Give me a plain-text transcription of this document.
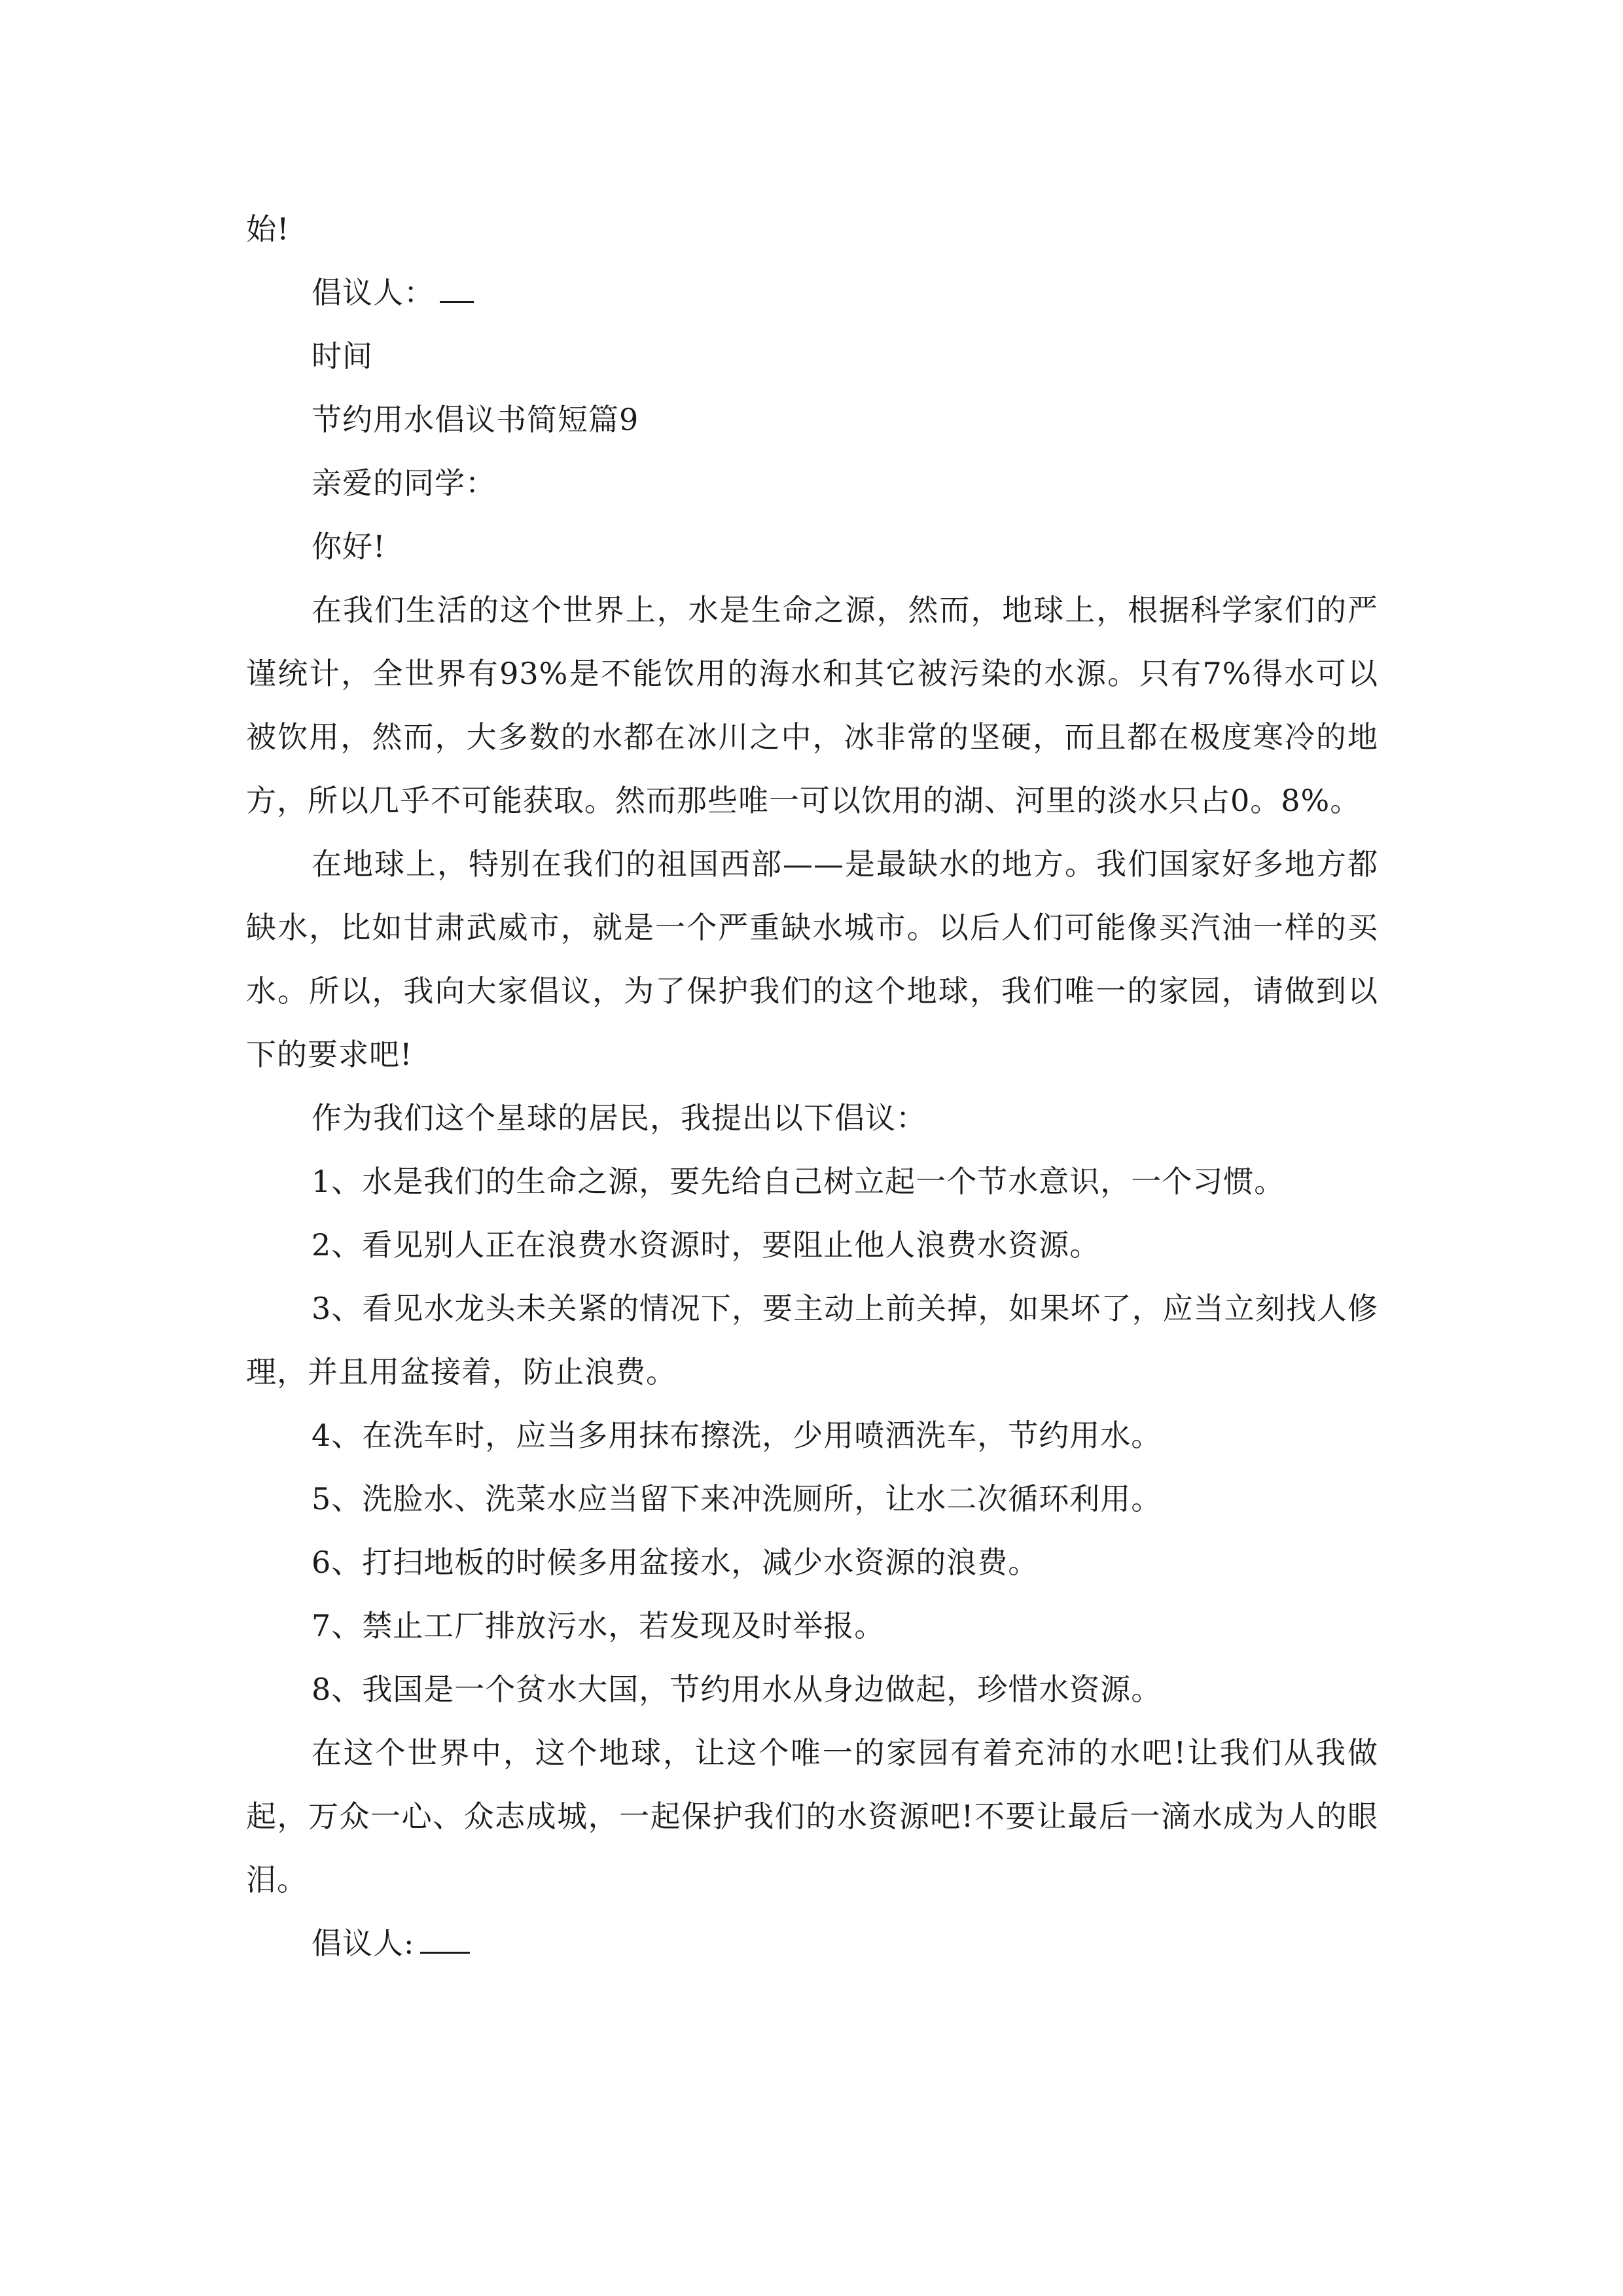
始!

倡议人：

时间

节约用水倡议书简短篇9

亲爱的同学：

你好!

在我们生活的这个世界上，水是生命之源，然而，地球上，根据科学家们的严谨统计，全世界有93%是不能饮用的海水和其它被污染的水源。只有7%得水可以被饮用，然而，大多数的水都在冰川之中，冰非常的坚硬，而且都在极度寒冷的地方，所以几乎不可能获取。然而那些唯一可以饮用的湖、河里的淡水只占0。8%。

在地球上，特别在我们的祖国西部——是最缺水的地方。我们国家好多地方都缺水，比如甘肃武威市，就是一个严重缺水城市。以后人们可能像买汽油一样的买水。所以，我向大家倡议，为了保护我们的这个地球，我们唯一的家园，请做到以下的要求吧!

作为我们这个星球的居民，我提出以下倡议：

1、水是我们的生命之源，要先给自己树立起一个节水意识，一个习惯。

2、看见别人正在浪费水资源时，要阻止他人浪费水资源。

3、看见水龙头未关紧的情况下，要主动上前关掉，如果坏了，应当立刻找人修理，并且用盆接着，防止浪费。

4、在洗车时，应当多用抹布擦洗，少用喷洒洗车，节约用水。

5、洗脸水、洗菜水应当留下来冲洗厕所，让水二次循环利用。

6、打扫地板的时候多用盆接水，减少水资源的浪费。

7、禁止工厂排放污水，若发现及时举报。

8、我国是一个贫水大国，节约用水从身边做起，珍惜水资源。

在这个世界中，这个地球，让这个唯一的家园有着充沛的水吧!让我们从我做起，万众一心、众志成城，一起保护我们的水资源吧!不要让最后一滴水成为人的眼泪。

倡议人:
